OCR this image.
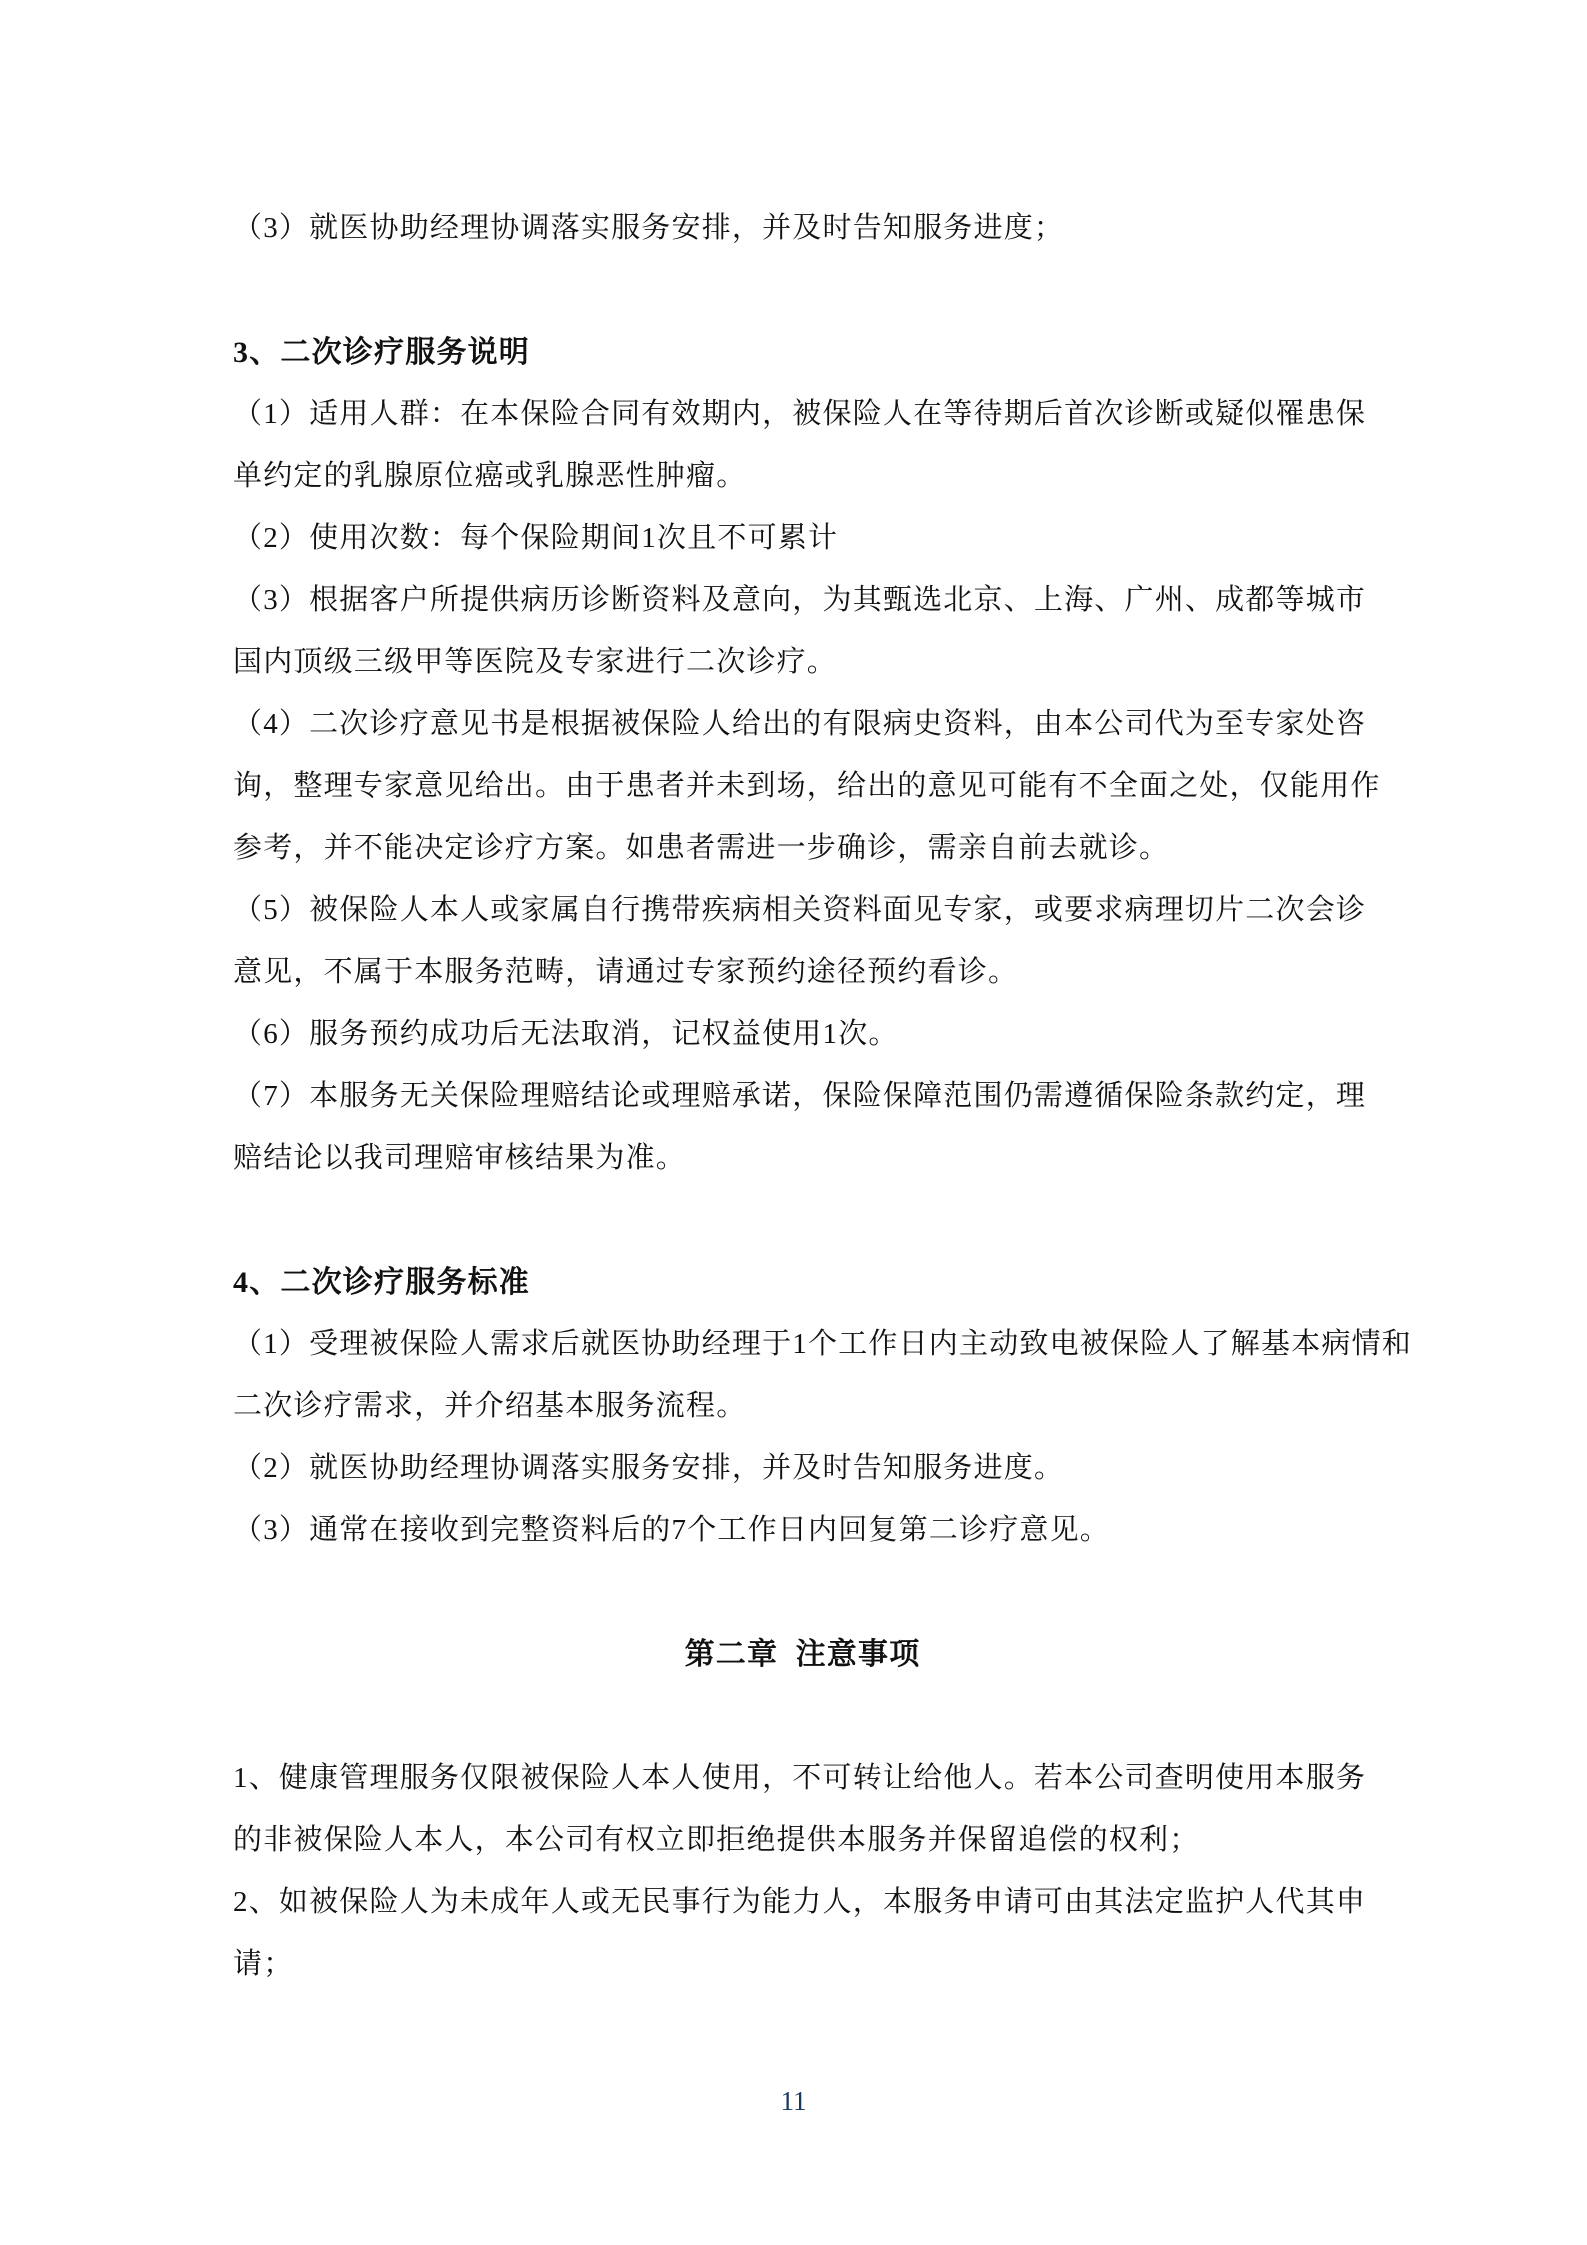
（3）就医协助经理协调落实服务安排，并及时告知服务进度；
3、二次诊疗服务说明
（1）适用人群：在本保险合同有效期内，被保险人在等待期后首次诊断或疑似罹患保
单约定的乳腺原位癌或乳腺恶性肿瘤。
（2）使用次数：每个保险期间1次且不可累计
（3）根据客户所提供病历诊断资料及意向，为其甄选北京、上海、广州、成都等城市
国内顶级三级甲等医院及专家进行二次诊疗。
（4）二次诊疗意见书是根据被保险人给出的有限病史资料，由本公司代为至专家处咨
询，整理专家意见给出。由于患者并未到场，给出的意见可能有不全面之处，仅能用作
参考，并不能决定诊疗方案。如患者需进一步确诊，需亲自前去就诊。
（5）被保险人本人或家属自行携带疾病相关资料面见专家，或要求病理切片二次会诊
意见，不属于本服务范畴，请通过专家预约途径预约看诊。
（6）服务预约成功后无法取消，记权益使用1次。
（7）本服务无关保险理赔结论或理赔承诺，保险保障范围仍需遵循保险条款约定，理
赔结论以我司理赔审核结果为准。
4、二次诊疗服务标准
（1）受理被保险人需求后就医协助经理于1个工作日内主动致电被保险人了解基本病情和
二次诊疗需求，并介绍基本服务流程。
（2）就医协助经理协调落实服务安排，并及时告知服务进度。
（3）通常在接收到完整资料后的7个工作日内回复第二诊疗意见。
第二章  注意事项
1、健康管理服务仅限被保险人本人使用，不可转让给他人。若本公司查明使用本服务
的非被保险人本人，本公司有权立即拒绝提供本服务并保留追偿的权利；
2、如被保险人为未成年人或无民事行为能力人，本服务申请可由其法定监护人代其申
请；
11
